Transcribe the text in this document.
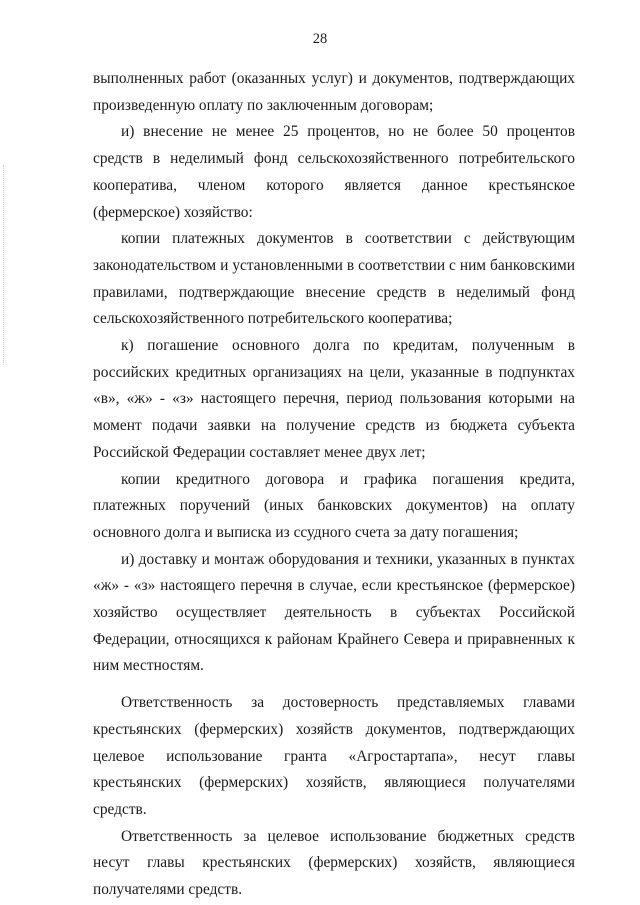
28

выполненных работ (оказанных услуг) и документов, подтверждающих произведенную оплату по заключенным договорам;

и) внесение не менее 25 процентов, но не более 50 процентов средств в неделимый фонд сельскохозяйственного потребительского кооператива, членом которого является данное крестьянское (фермерское) хозяйство:

копии платежных документов в соответствии с действующим законодательством и установленными в соответствии с ним банковскими правилами, подтверждающие внесение средств в неделимый фонд сельскохозяйственного потребительского кооператива;

к) погашение основного долга по кредитам, полученным в российских кредитных организациях на цели, указанные в подпунктах «в», «ж» - «з» настоящего перечня, период пользования которыми на момент подачи заявки на получение средств из бюджета субъекта Российской Федерации составляет менее двух лет;

копии кредитного договора и графика погашения кредита, платежных поручений (иных банковских документов) на оплату основного долга и выписка из ссудного счета за дату погашения;

и) доставку и монтаж оборудования и техники, указанных в пунктах «ж» - «з» настоящего перечня в случае, если крестьянское (фермерское) хозяйство осуществляет деятельность в субъектах Российской Федерации, относящихся к районам Крайнего Севера и приравненных к ним местностям.

Ответственность за достоверность представляемых главами крестьянских (фермерских) хозяйств документов, подтверждающих целевое использование гранта «Агростартапа», несут главы крестьянских (фермерских) хозяйств, являющиеся получателями средств.

Ответственность за целевое использование бюджетных средств несут главы крестьянских (фермерских) хозяйств, являющиеся получателями средств.
